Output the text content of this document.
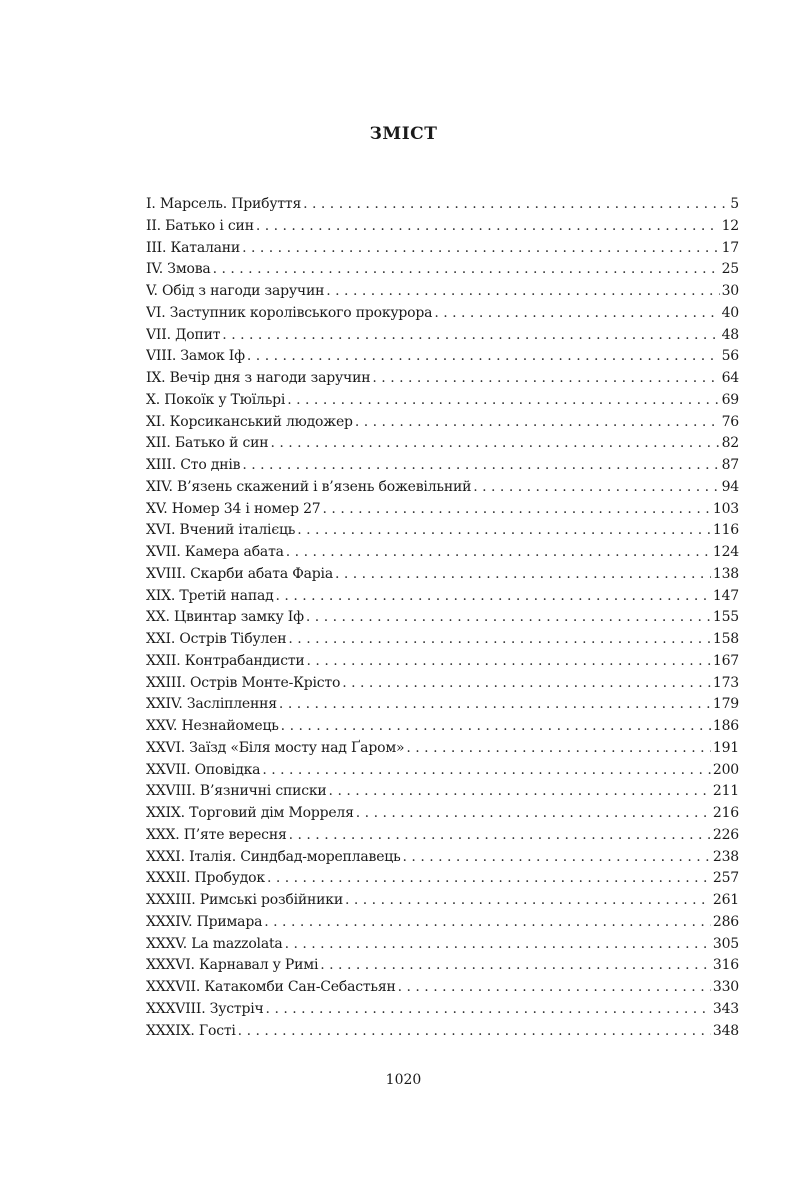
ЗМІСТ
I. Марсель. Прибуття . . .	5
II. Батько і син . . .	12
III. Каталани . . .	17
IV. Змова . . .	25
V. Обід з нагоди заручин . . .	30
VI. Заступник королівського прокурора . . .	40
VII. Допит . . .	48
VIII. Замок Іф . . .	56
IX. Вечір дня з нагоди заручин . . .	64
X. Покоїк у Тюїльрі . . .	69
XI. Корсиканський людожер . . .	76
XII. Батько й син . . .	82
XIII. Сто днів . . .	87
XIV. В’язень скажений і в’язень божевільний . . .	94
XV. Номер 34 і номер 27 . . .	103
XVI. Вчений італієць . . .	116
XVII. Камера абата . . .	124
XVIII. Скарби абата Фаріа . . .	138
XIX. Третій напад . . .	147
XX. Цвинтар замку Іф . . .	155
XXI. Острів Тібулен . . .	158
XXII. Контрабандисти . . .	167
XXIII. Острів Монте-Крісто . . .	173
XXIV. Засліплення . . .	179
XXV. Незнайомець . . .	186
XXVI. Заїзд «Біля мосту над Ґаром» . . .	191
XXVII. Оповідка . . .	200
XXVIII. В’язничні списки . . .	211
XXIX. Торговий дім Морреля . . .	216
XXX. П’яте вересня . . .	226
XXXI. Італія. Синдбад-мореплавець . . .	238
XXXII. Пробудок . . .	257
XXXIII. Римські розбійники . . .	261
XXXIV. Примара . . .	286
XXXV. La mazzolata . . .	305
XXXVI. Карнавал у Римі . . .	316
XXXVII. Катакомби Сан-Себастьян . . .	330
XXXVIII. Зустріч . . .	343
XXXIX. Гості . . .	348
1020
